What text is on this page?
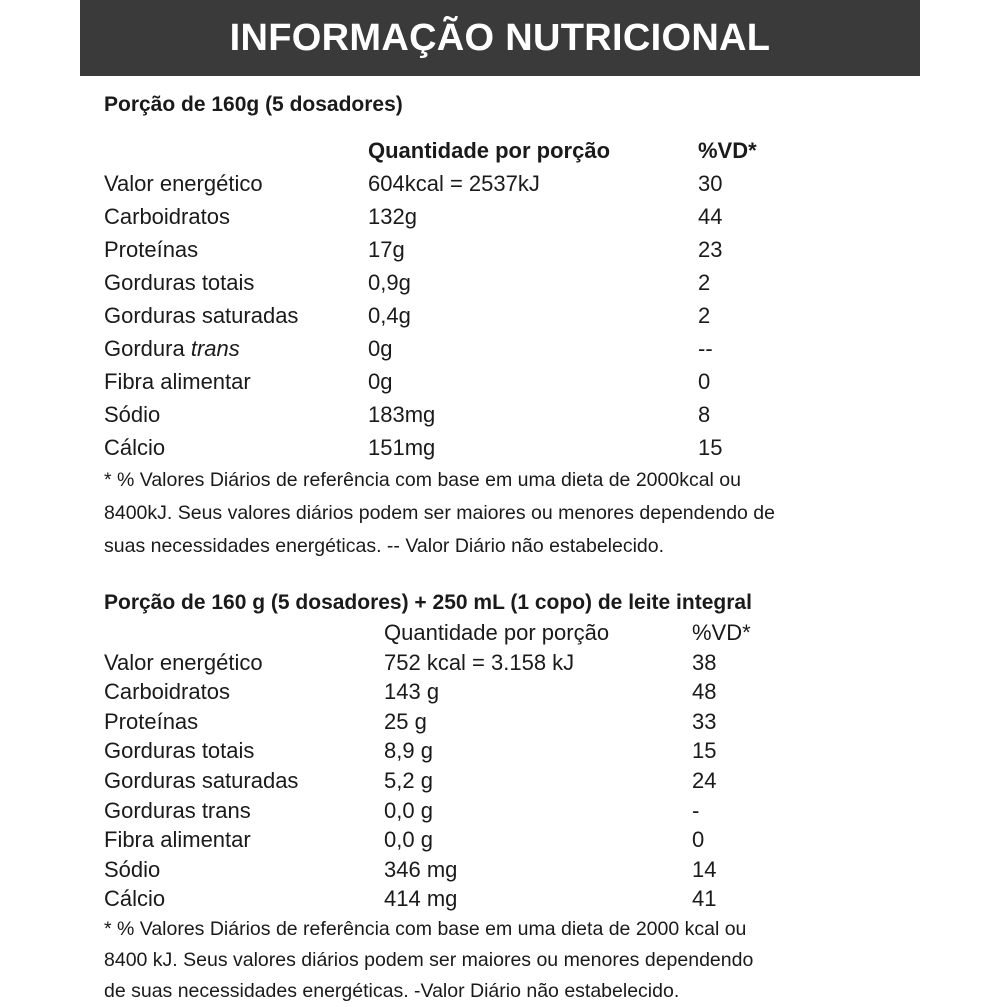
INFORMAÇÃO NUTRICIONAL
Porção de 160g (5 dosadores)
Quantidade por porção	%VD*
Valor energético	604kcal = 2537kJ	30
Carboidratos	132g	44
Proteínas	17g	23
Gorduras totais	0,9g	2
Gorduras saturadas	0,4g	2
Gordura trans	0g	--
Fibra alimentar	0g	0
Sódio	183mg	8
Cálcio	151mg	15
* % Valores Diários de referência com base em uma dieta de 2000kcal ou
8400kJ. Seus valores diários podem ser maiores ou menores dependendo de
suas necessidades energéticas. -- Valor Diário não estabelecido.
Porção de 160 g (5 dosadores) + 250 mL (1 copo) de leite integral
Quantidade por porção	%VD*
Valor energético	752 kcal = 3.158 kJ	38
Carboidratos	143 g	48
Proteínas	25 g	33
Gorduras totais	8,9 g	15
Gorduras saturadas	5,2 g	24
Gorduras trans	0,0 g	-
Fibra alimentar	0,0 g	0
Sódio	346 mg	14
Cálcio	414 mg	41
* % Valores Diários de referência com base em uma dieta de 2000 kcal ou
8400 kJ. Seus valores diários podem ser maiores ou menores dependendo
de suas necessidades energéticas. -Valor Diário não estabelecido.
